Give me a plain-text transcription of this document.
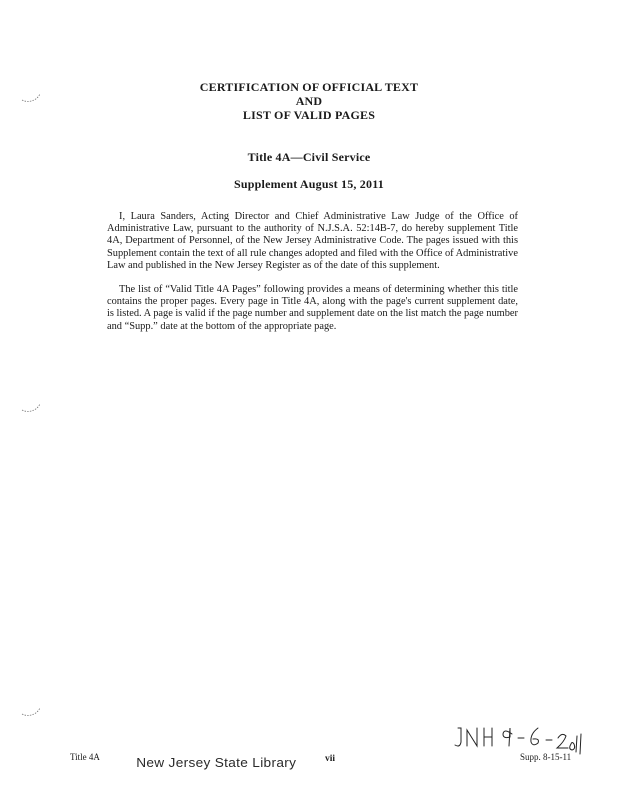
CERTIFICATION OF OFFICIAL TEXT
AND
LIST OF VALID PAGES
Title 4A—Civil Service
Supplement August 15, 2011

I, Laura Sanders, Acting Director and Chief Administrative Law Judge of the Office of Administrative Law, pursuant to the authority of N.J.S.A. 52:14B-7, do hereby supplement Title 4A, Department of Personnel, of the New Jersey Administrative Code. The pages issued with this Supplement contain the text of all rule changes adopted and filed with the Office of Administrative Law and published in the New Jersey Register as of the date of this supplement.

The list of “Valid Title 4A Pages” following provides a means of determining whether this title contains the proper pages. Every page in Title 4A, along with the page's current supplement date, is listed. A page is valid if the page number and supplement date on the list match the page number and “Supp.” date at the bottom of the appropriate page.

Title 4A	New Jersey State Library	vii	Supp. 8-15-11
